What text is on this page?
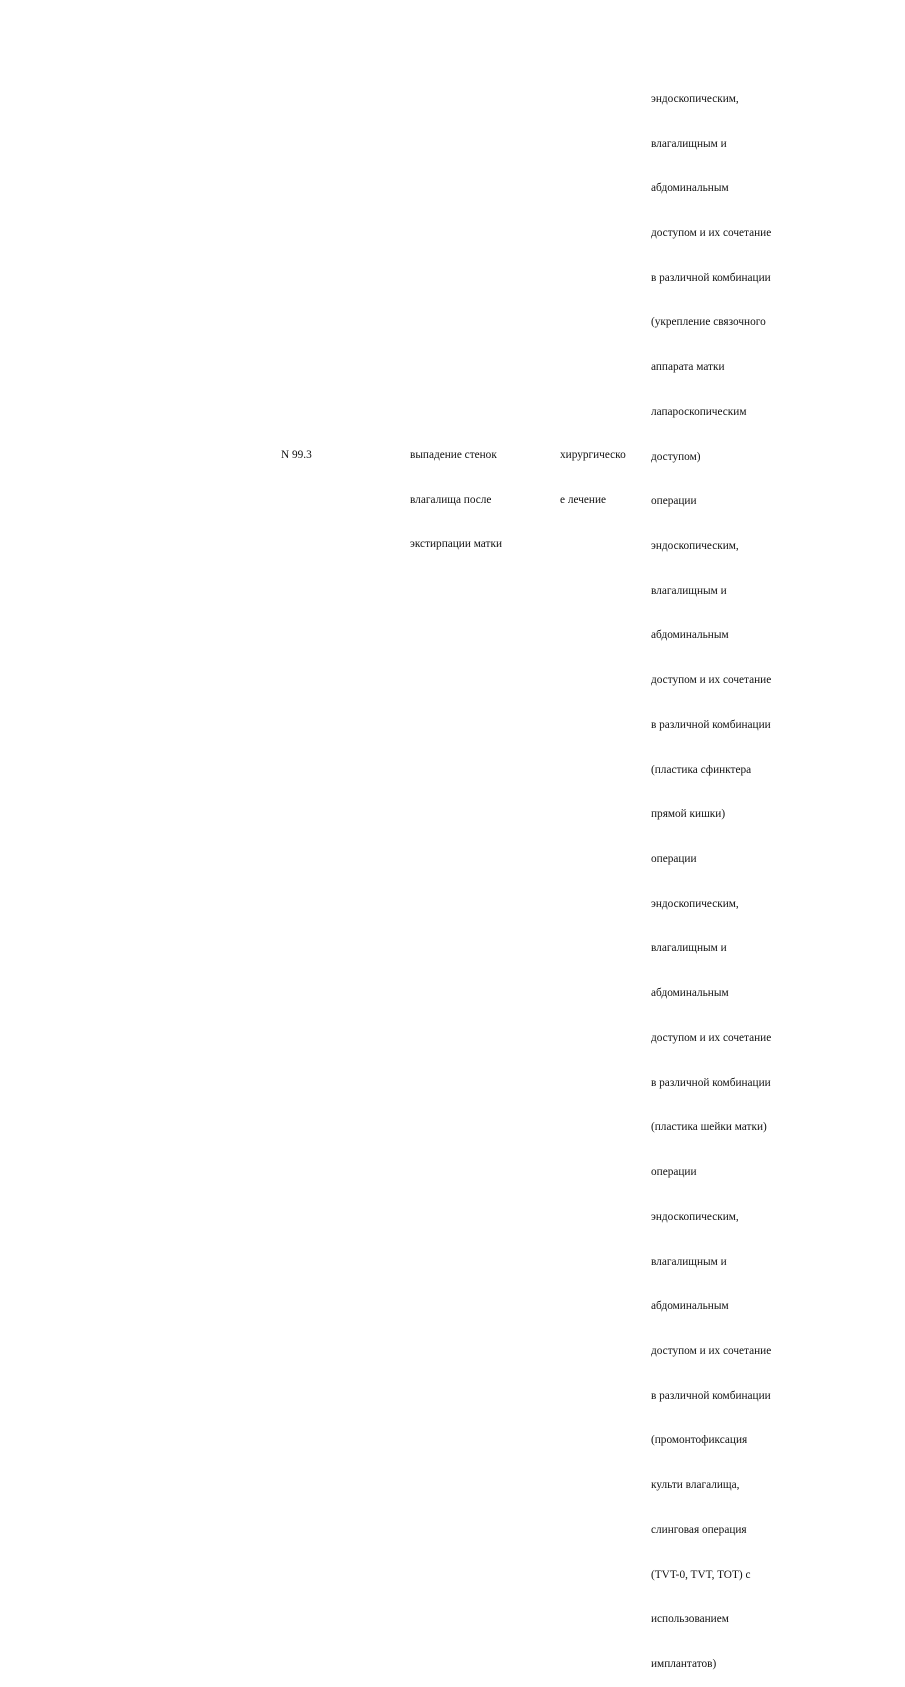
эндоскопическим,

влагалищным и

абдоминальным

доступом и их сочетание

в различной комбинации

(укрепление связочного

аппарата матки

лапароскопическим

доступом)

операции

эндоскопическим,

влагалищным и

абдоминальным

доступом и их сочетание

в различной комбинации

(пластика сфинктера

прямой кишки)

операции

эндоскопическим,

влагалищным и

абдоминальным

доступом и их сочетание

в различной комбинации

(пластика шейки матки)

операции

эндоскопическим,

влагалищным и

абдоминальным

доступом и их сочетание

в различной комбинации

(промонтофиксация

культи влагалища,

слинговая операция

(TVT-0, TVT, TOT) с

использованием

имплантатов)

N 99.3

	выпадение стенок

влагалища после

экстирпации матки

хирургическо

е лечение
